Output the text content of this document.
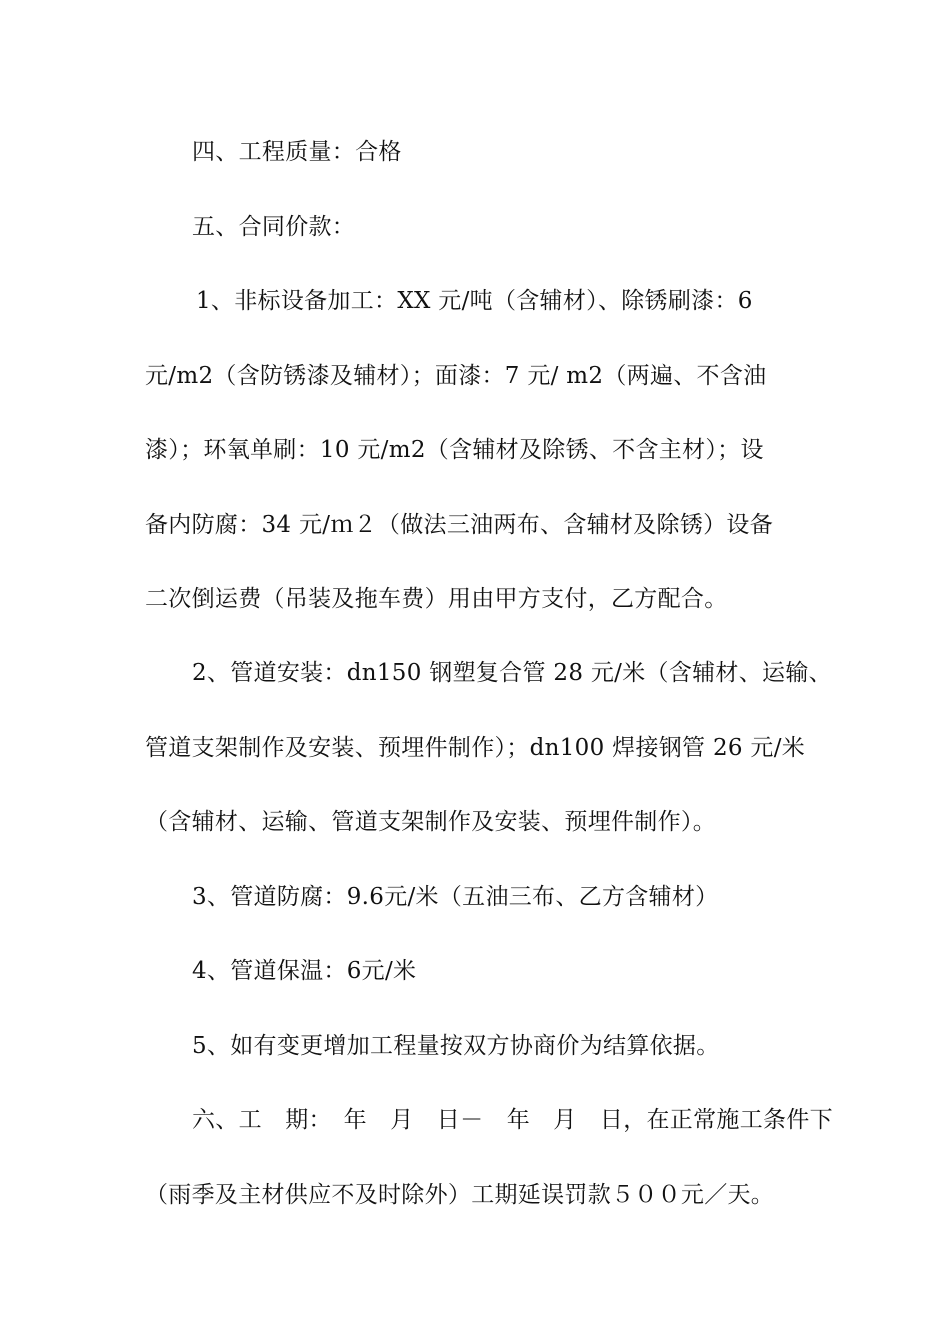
四、工程质量：合格
五、合同价款：
1、非标设备加工：XX 元/吨（含辅材）、除锈刷漆：6
元/m2（含防锈漆及辅材）；面漆：7 元/ m2（两遍、不含油
漆）；环氧单刷：10 元/m2（含辅材及除锈、不含主材）；设
备内防腐：34 元/ｍ２（做法三油两布、含辅材及除锈）设备
二次倒运费（吊装及拖车费）用由甲方支付，乙方配合。
2、管道安装：dn150 钢塑复合管 28 元/米（含辅材、运输、
管道支架制作及安装、预埋件制作）；dn100 焊接钢管 26 元/米
（含辅材、运输、管道支架制作及安装、预埋件制作）。
3、管道防腐：9.6元/米（五油三布、乙方含辅材）
4、管道保温：6元/米
5、如有变更增加工程量按双方协商价为结算依据。
六、工　期：　年　月　日－　年　月　日，在正常施工条件下
（雨季及主材供应不及时除外）工期延误罚款５００元／天。
